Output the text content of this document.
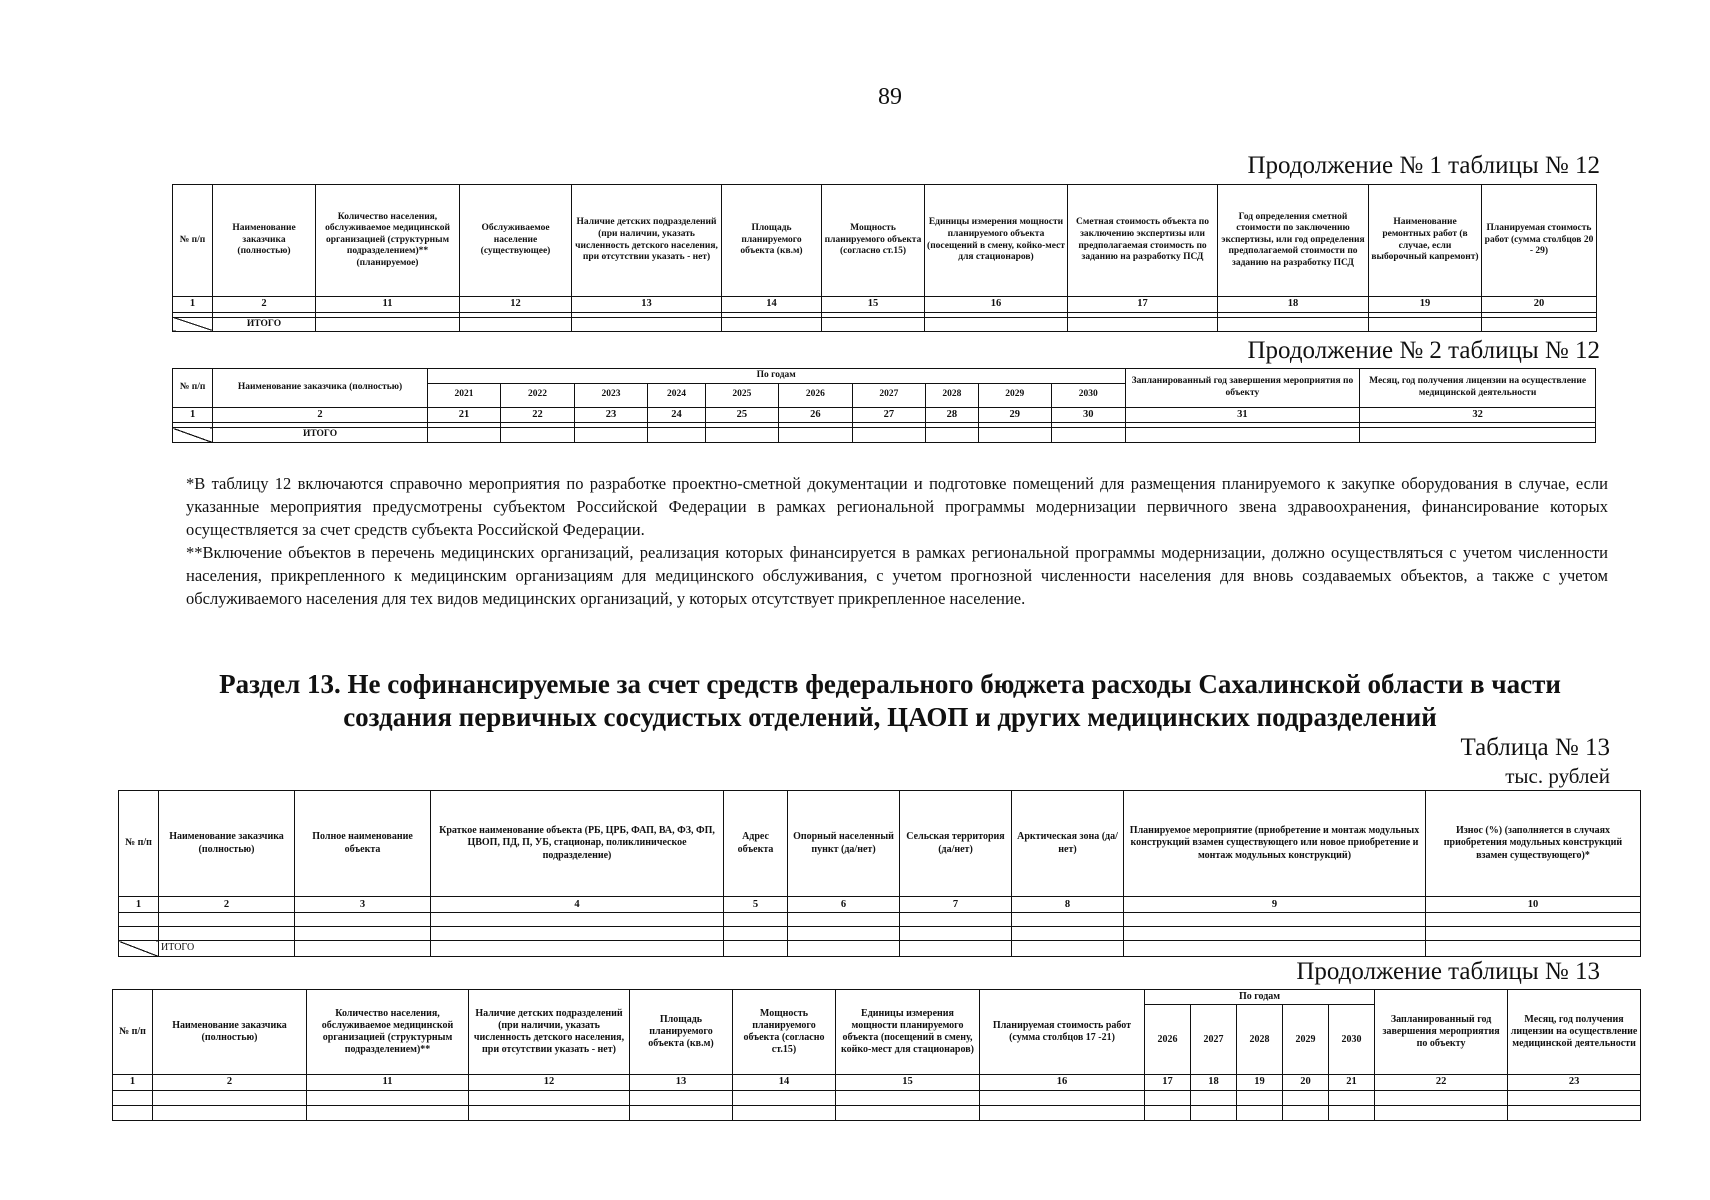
89
Продолжение № 1 таблицы № 12
№ п/п	Наименование заказчика (полностью)	Количество населения, обслуживаемое медицинской организацией (структурным подразделением)** (планируемое)	Обслуживаемое население (существующее)	Наличие детских подразделений (при наличии, указать численность детского населения, при отсутствии указать - нет)	Площадь планируемого объекта (кв.м)	Мощность планируемого объекта (согласно ст.15)	Единицы измерения мощности планируемого объекта (посещений в смену, койко-мест для стационаров)	Сметная стоимость объекта по заключению экспертизы или предполагаемая стоимость по заданию на разработку ПСД	Год определения сметной стоимости по заключению экспертизы, или год определения предполагаемой стоимости по заданию на разработку ПСД	Наименование ремонтных работ (в случае, если выборочный капремонт)	Планируемая стоимость работ (сумма столбцов 20 - 29)
1	2	11	12	13	14	15	16	17	18	19	20

	ИТОГО										
Продолжение № 2 таблицы № 12
№ п/п	Наименование заказчика (полностью)	По годам										Запланированный год завершения мероприятия по объекту	Месяц, год получения лицензии на осуществление медицинской деятельности
		2021	2022	2023	2024	2025	2026	2027	2028	2029	2030		
1	2	21	22	23	24	25	26	27	28	29	30	31	32

	ИТОГО												

*В таблицу 12 включаются справочно мероприятия по разработке проектно-сметной документации и подготовке помещений для размещения планируемого к закупке оборудования в случае, если указанные мероприятия предусмотрены субъектом Российской Федерации в рамках региональной программы модернизации первичного звена здравоохранения, финансирование которых осуществляется за счет средств субъекта Российской Федерации.

**Включение объектов в перечень медицинских организаций, реализация которых финансируется в рамках региональной программы модернизации, должно осуществляться с учетом численности населения, прикрепленного к медицинским организациям для медицинского обслуживания, с учетом прогнозной численности населения для вновь создаваемых объектов, а также с учетом обслуживаемого населения для тех видов медицинских организаций, у которых отсутствует прикрепленное население.

Раздел 13. Не софинансируемые за счет средств федерального бюджета расходы Сахалинской области в части создания первичных сосудистых отделений, ЦАОП и других медицинских подразделений
Таблица № 13
тыс. рублей
№ п/п	Наименование заказчика (полностью)	Полное наименование объекта	Краткое наименование объекта (РБ, ЦРБ, ФАП, ВА, ФЗ, ФП, ЦВОП, ПД, П, УБ, стационар, поликлиническое подразделение)	Адрес объекта	Опорный населенный пункт (да/нет)	Сельская территория (да/нет)	Арктическая зона (да/нет)	Планируемое мероприятие (приобретение и монтаж модульных конструкций взамен существующего или новое приобретение и монтаж модульных конструкций)	Износ (%) (заполняется в случаях приобретения модульных конструкций взамен существующего)*
1	2	3	4	5	6	7	8	9	10

	ИТОГО								
Продолжение таблицы № 13
№ п/п	Наименование заказчика (полностью)	Количество населения, обслуживаемое медицинской организацией (структурным подразделением)**	Наличие детских подразделений (при наличии, указать численность детского населения, при отсутствии указать - нет)	Площадь планируемого объекта (кв.м)	Мощность планируемого объекта (согласно ст.15)	Единицы измерения мощности планируемого объекта (посещений в смену, койко-мест для стационаров)	Планируемая стоимость работ (сумма столбцов 17 -21)	По годам					Запланированный год завершения мероприятия по объекту	Месяц, год получения лицензии на осуществление медицинской деятельности
								2026	2027	2028	2029	2030		
1	2	11	12	13	14	15	16	17	18	19	20	21	22	23
